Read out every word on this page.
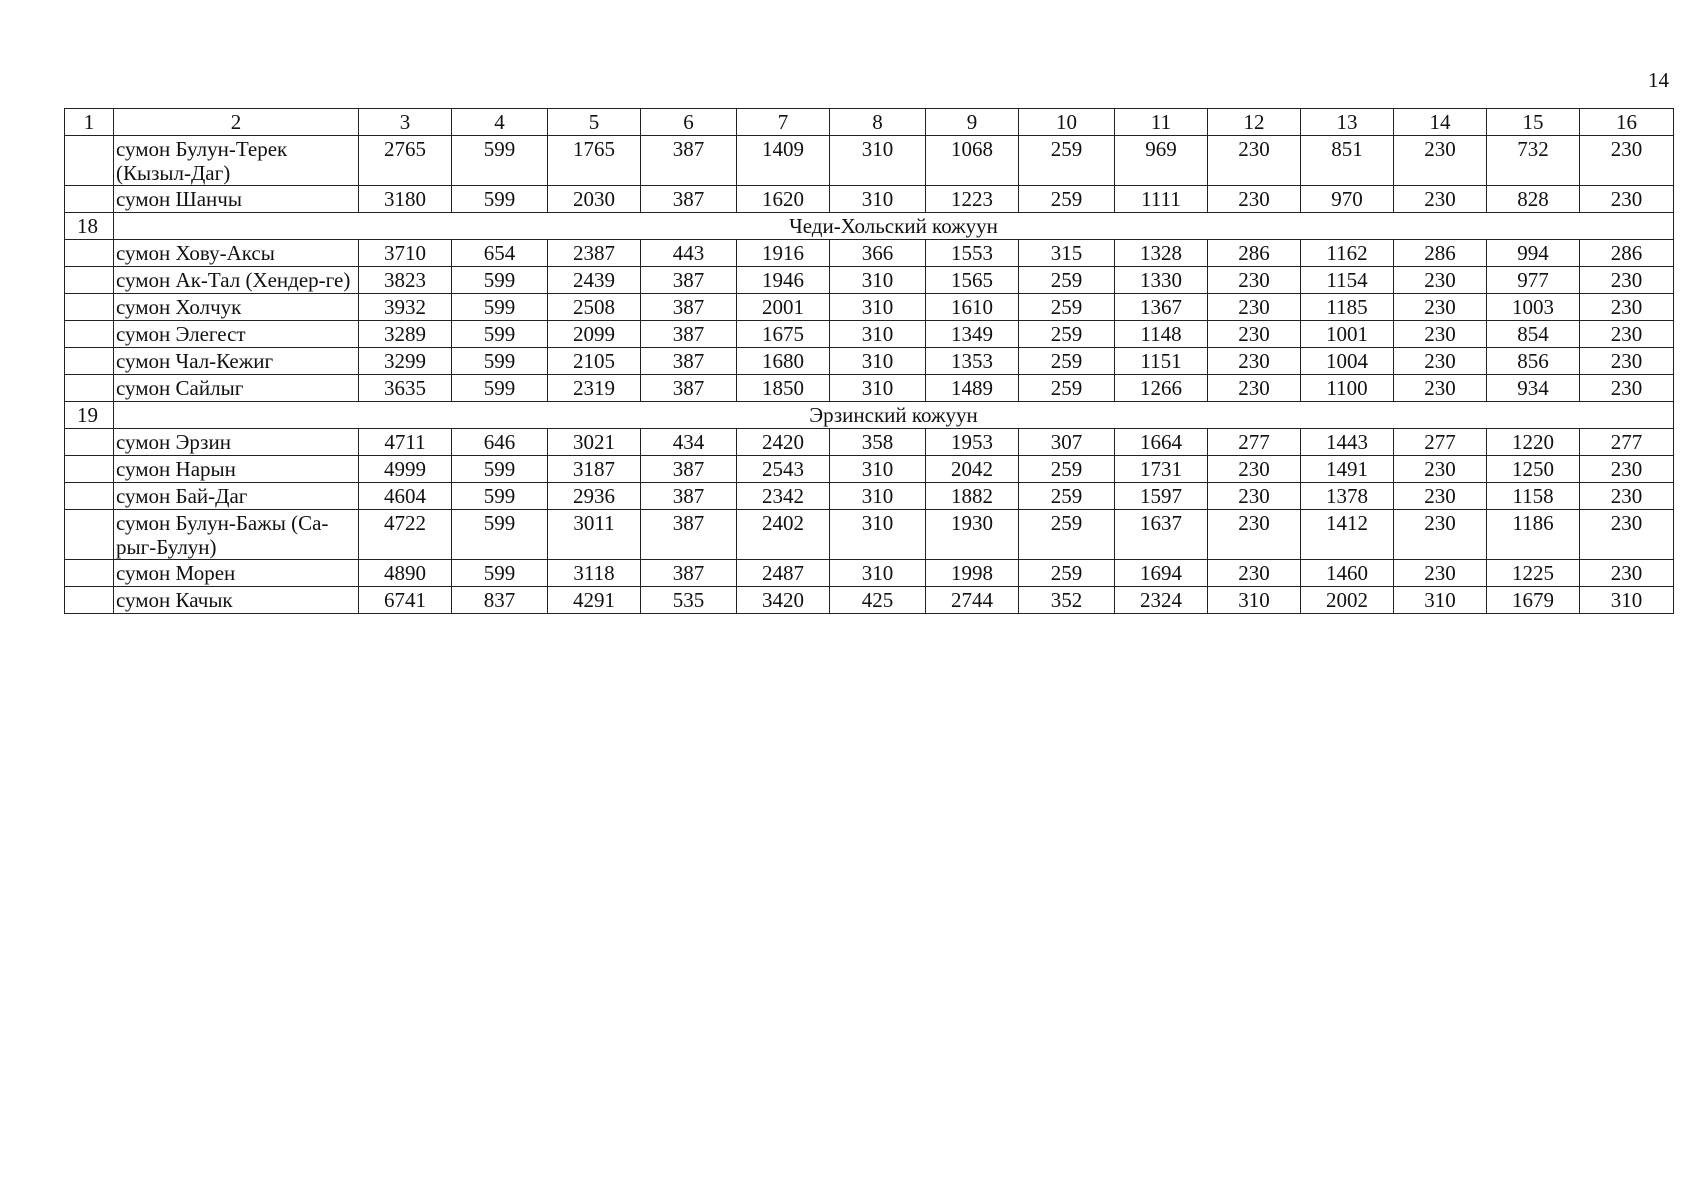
14
1	2	3	4	5	6	7	8	9	10	11	12	13	14	15	16
	сумон Булун-Терек (Кызыл-Даг)	2765	599	1765	387	1409	310	1068	259	969	230	851	230	732	230
	сумон Шанчы	3180	599	2030	387	1620	310	1223	259	1111	230	970	230	828	230
18	Чеди-Хольский кожуун														
	сумон Хову-Аксы	3710	654	2387	443	1916	366	1553	315	1328	286	1162	286	994	286
	сумон Ак-Тал (Хендер-ге)	3823	599	2439	387	1946	310	1565	259	1330	230	1154	230	977	230
	сумон Холчук	3932	599	2508	387	2001	310	1610	259	1367	230	1185	230	1003	230
	сумон Элегест	3289	599	2099	387	1675	310	1349	259	1148	230	1001	230	854	230
	сумон Чал-Кежиг	3299	599	2105	387	1680	310	1353	259	1151	230	1004	230	856	230
	сумон Сайлыг	3635	599	2319	387	1850	310	1489	259	1266	230	1100	230	934	230
19	Эрзинский кожуун														
	сумон Эрзин	4711	646	3021	434	2420	358	1953	307	1664	277	1443	277	1220	277
	сумон Нарын	4999	599	3187	387	2543	310	2042	259	1731	230	1491	230	1250	230
	сумон Бай-Даг	4604	599	2936	387	2342	310	1882	259	1597	230	1378	230	1158	230
	сумон Булун-Бажы (Са-рыг-Булун)	4722	599	3011	387	2402	310	1930	259	1637	230	1412	230	1186	230
	сумон Морен	4890	599	3118	387	2487	310	1998	259	1694	230	1460	230	1225	230
	сумон Качык	6741	837	4291	535	3420	425	2744	352	2324	310	2002	310	1679	310
